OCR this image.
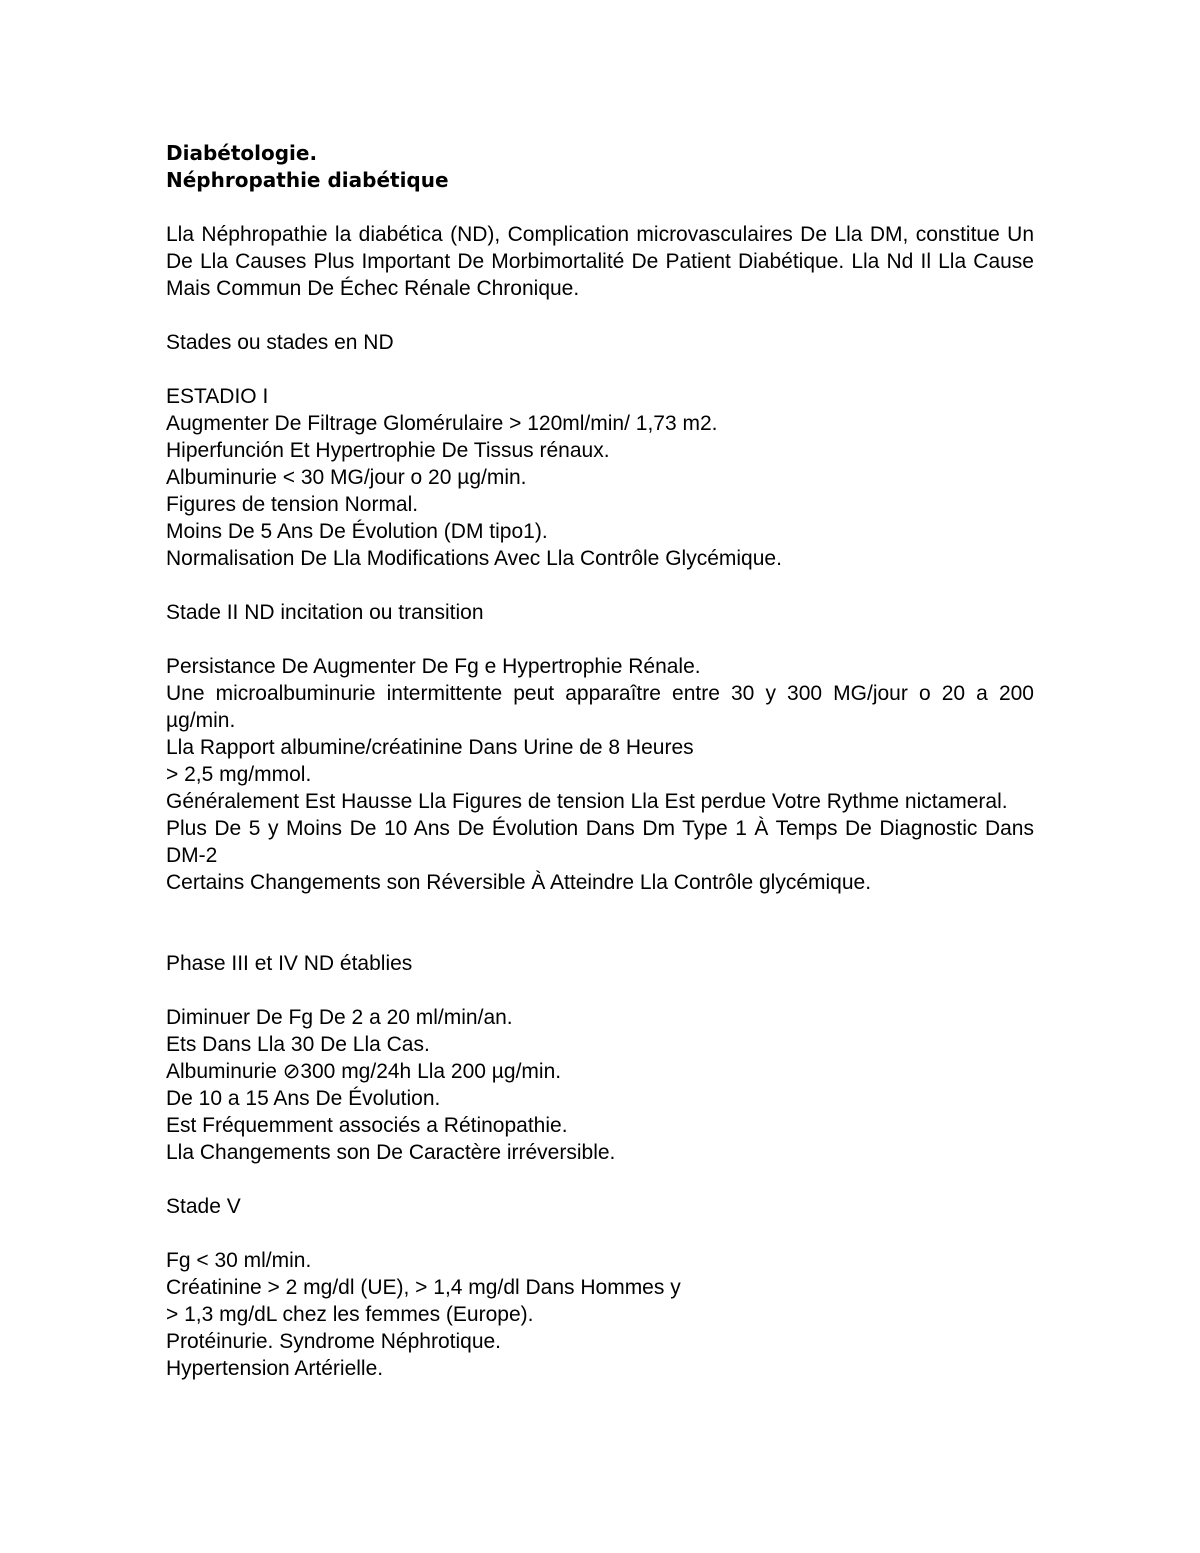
Diabétologie.

Néphropathie diabétique

Lla Néphropathie la diabética (ND), Complication microvasculaires De Lla DM, constitue Un De Lla Causes Plus Important De Morbimortalité De Patient Diabétique. Lla Nd Il Lla Cause Mais Commun De Échec Rénale Chronique.

Stades ou stades en ND

ESTADIO I

Augmenter De Filtrage Glomérulaire > 120ml/min/ 1,73 m2.

Hiperfunción Et Hypertrophie De Tissus rénaux.

Albuminurie < 30 MG/jour o 20 µg/min.

Figures de tension Normal.

Moins De 5 Ans De Évolution (DM tipo1).

Normalisation De Lla Modifications Avec Lla Contrôle Glycémique.

Stade II ND incitation ou transition

Persistance De Augmenter De Fg e Hypertrophie Rénale.

Une microalbuminurie intermittente peut apparaître entre 30 y 300 MG/jour o 20 a 200 µg/min.

Lla Rapport albumine/créatinine Dans Urine de 8 Heures

> 2,5 mg/mmol.

Généralement Est Hausse Lla Figures de tension Lla Est perdue Votre Rythme nictameral.

Plus De 5 y Moins De 10 Ans De Évolution Dans Dm Type 1 À Temps De Diagnostic Dans DM-2

Certains Changements son Réversible À Atteindre Lla Contrôle glycémique.

Phase III et IV ND établies

Diminuer De Fg De 2 a 20 ml/min/an.

Ets Dans Lla 30 De Lla Cas.

Albuminurie ⊘300 mg/24h Lla 200 µg/min.

De 10 a 15 Ans De Évolution.

Est Fréquemment associés a Rétinopathie.

Lla Changements son De Caractère irréversible.

Stade V

Fg < 30 ml/min.

Créatinine > 2 mg/dl (UE), > 1,4 mg/dl Dans Hommes y

> 1,3 mg/dL chez les femmes (Europe).

Protéinurie. Syndrome Néphrotique.

Hypertension Artérielle.
